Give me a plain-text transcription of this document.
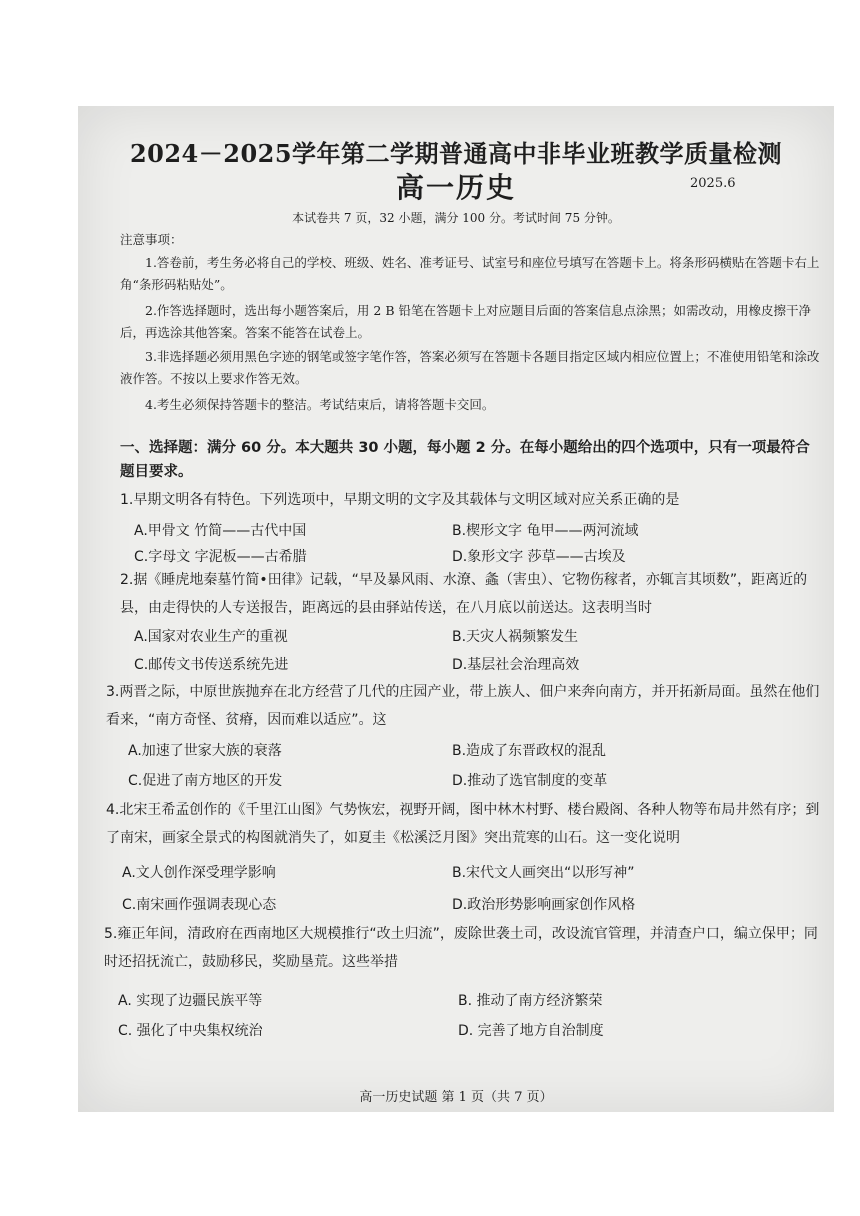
2024－2025学年第二学期普通高中非毕业班教学质量检测
高一历史	2025.6
本试卷共 7 页，32 小题，满分 100 分。考试时间 75 分钟。
注意事项：
1.答卷前，考生务必将自己的学校、班级、姓名、准考证号、试室号和座位号填写在答题卡上。将条形码横贴在答题卡右上角“条形码粘贴处”。
2.作答选择题时，选出每小题答案后，用 2 B 铅笔在答题卡上对应题目后面的答案信息点涂黑；如需改动，用橡皮擦干净后，再选涂其他答案。答案不能答在试卷上。
3.非选择题必须用黑色字迹的钢笔或签字笔作答，答案必须写在答题卡各题目指定区域内相应位置上；不准使用铅笔和涂改液作答。不按以上要求作答无效。
4.考生必须保持答题卡的整洁。考试结束后，请将答题卡交回。
一、选择题：满分 60 分。本大题共 30 小题，每小题 2 分。在每小题给出的四个选项中，只有一项最符合题目要求。
1.早期文明各有特色。下列选项中，早期文明的文字及其载体与文明区域对应关系正确的是
A.甲骨文 竹简——古代中国	B.楔形文字 龟甲——两河流域
C.字母文 字泥板——古希腊	D.象形文字 莎草——古埃及
2.据《睡虎地秦墓竹简•田律》记载，“早及暴风雨、水潦、螽（害虫）、它物伤稼者，亦辄言其顷数”，距离近的县，由走得快的人专送报告，距离远的县由驿站传送，在八月底以前送达。这表明当时
A.国家对农业生产的重视	B.天灾人祸频繁发生
C.邮传文书传送系统先进	D.基层社会治理高效
3.两晋之际，中原世族抛弃在北方经营了几代的庄园产业，带上族人、佃户来奔向南方，并开拓新局面。虽然在他们看来，“南方奇怪、贫瘠，因而难以适应”。这
A.加速了世家大族的衰落	B.造成了东晋政权的混乱
C.促进了南方地区的开发	D.推动了选官制度的变革
4.北宋王希孟创作的《千里江山图》气势恢宏，视野开阔，图中林木村野、楼台殿阁、各种人物等布局井然有序；到了南宋，画家全景式的构图就消失了，如夏圭《松溪泛月图》突出荒寒的山石。这一变化说明
A.文人创作深受理学影响	B.宋代文人画突出“以形写神”
C.南宋画作强调表现心态	D.政治形势影响画家创作风格
5.雍正年间，清政府在西南地区大规模推行“改土归流”，废除世袭土司，改设流官管理，并清查户口，编立保甲；同时还招抚流亡，鼓励移民，奖励垦荒。这些举措
A. 实现了边疆民族平等	B. 推动了南方经济繁荣
C. 强化了中央集权统治	D. 完善了地方自治制度
高一历史试题 第 1 页（共 7 页）
